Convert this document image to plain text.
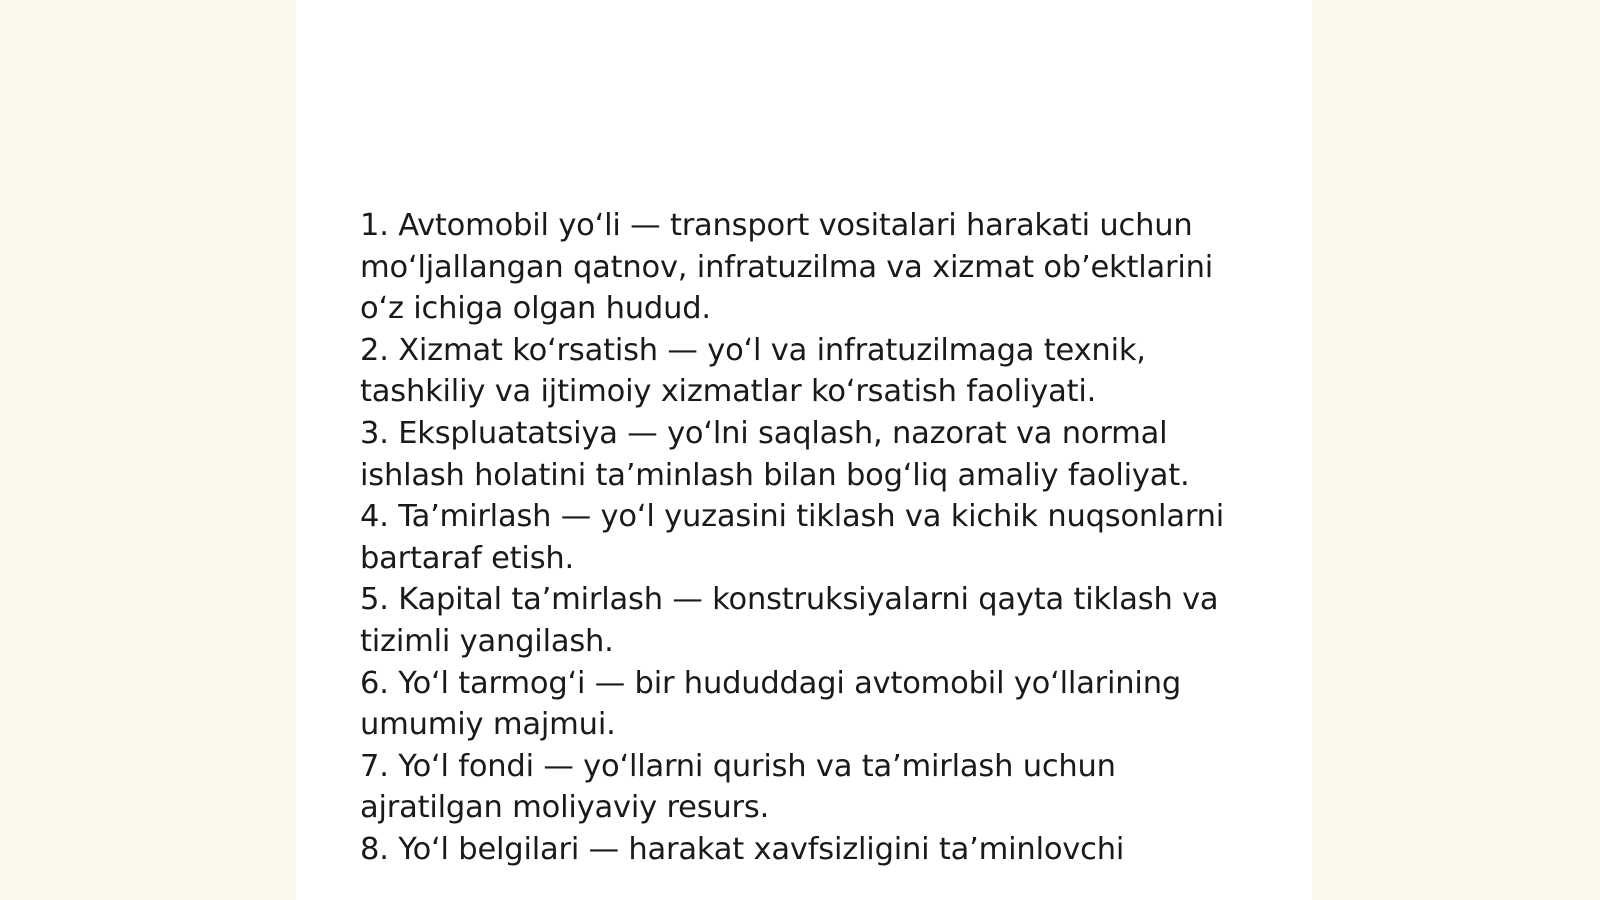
1. Avtomobil yo‘li — transport vositalari harakati uchun mo‘ljallangan qatnov, infratuzilma va xizmat ob’ektlarini o‘z ichiga olgan hudud.

2. Xizmat ko‘rsatish — yo‘l va infratuzilmaga texnik, tashkiliy va ijtimoiy xizmatlar ko‘rsatish faoliyati.

3. Ekspluatatsiya — yo‘lni saqlash, nazorat va normal ishlash holatini ta’minlash bilan bog‘liq amaliy faoliyat.

4. Ta’mirlash — yo‘l yuzasini tiklash va kichik nuqsonlarni bartaraf etish.

5. Kapital ta’mirlash — konstruksiyalarni qayta tiklash va tizimli yangilash.

6. Yo‘l tarmog‘i — bir hududdagi avtomobil yo‘llarining umumiy majmui.

7. Yo‘l fondi — yo‘llarni qurish va ta’mirlash uchun ajratilgan moliyaviy resurs.

8. Yo‘l belgilari — harakat xavfsizligini ta’minlovchi
